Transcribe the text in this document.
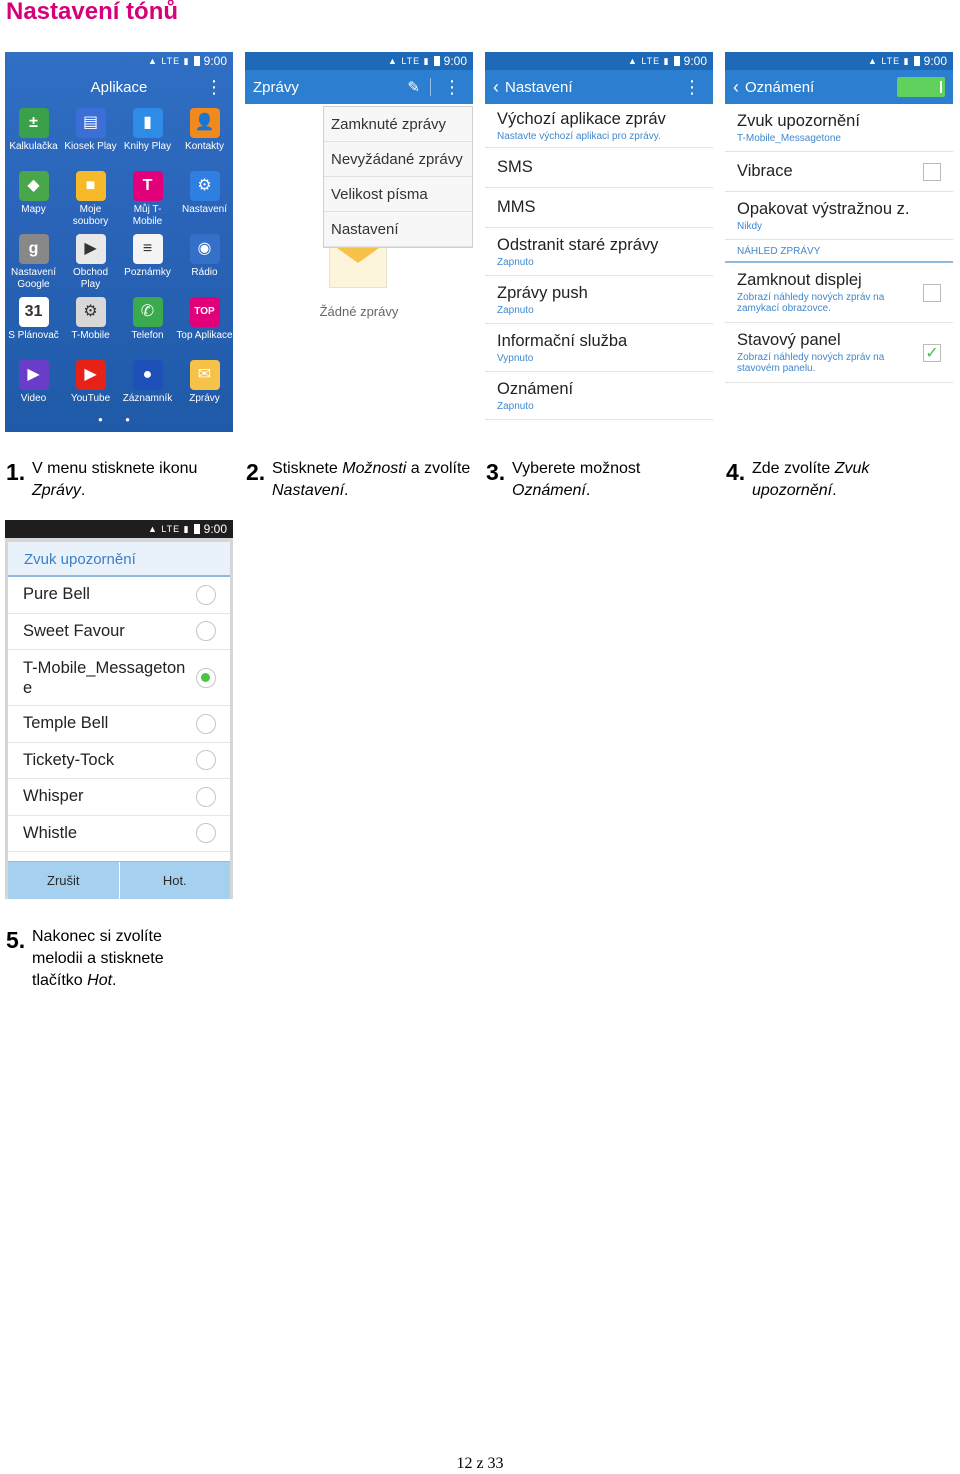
Nastavení tónů
▲ LTE ▮ 9:00
Aplikace	⋮
±
Kalkulačka
▤
Kiosek Play
▮
Knihy Play
👤
Kontakty
◆
Mapy
■
Moje soubory
T
Můj T-Mobile
⚙
Nastavení
g
Nastavení Google
▶
Obchod Play
≡
Poznámky
◉
Rádio
31
S Plánovač
⚙
T-Mobile
✆
Telefon
TOP
Top Aplikace
▶
Video
▶
YouTube
●
Záznamník
✉
Zprávy
● ●
▲ LTE ▮ 9:00
Zprávy	✎	⋮
Žádné zprávy
Zamknuté zprávy
Nevyžádané zprávy
Velikost písma
Nastavení
▲ LTE ▮ 9:00
‹ Nastavení	⋮
Výchozí aplikace zpráv
Nastavte výchozí aplikaci pro zprávy.
SMS
MMS
Odstranit staré zprávy
Zapnuto
Zprávy push
Zapnuto
Informační služba
Vypnuto
Oznámení
Zapnuto
▲ LTE ▮ 9:00
‹ Oznámení
Zvuk upozornění
T-Mobile_Messagetone
Vibrace
Opakovat výstražnou z.
Nikdy
NÁHLED ZPRÁVY
Zamknout displej
Zobrazí náhledy nových zpráv na zamykací obrazovce.
Stavový panel
Zobrazí náhledy nových zpráv na stavovém panelu.
✓
1. V menu stisknete ikonu Zprávy.
2. Stisknete Možnosti a zvolíte Nastavení.
3. Vyberete možnost Oznámení.
4. Zde zvolíte Zvuk upozornění.
▲ LTE ▮ 9:00
Zvuk upozornění
Pure Bell
Sweet Favour
T-Mobile_Messagetone
Temple Bell
Tickety-Tock
Whisper
Whistle
Zrušit	Hot.
5. Nakonec si zvolíte melodii a stisknete tlačítko Hot.
12 z 33
